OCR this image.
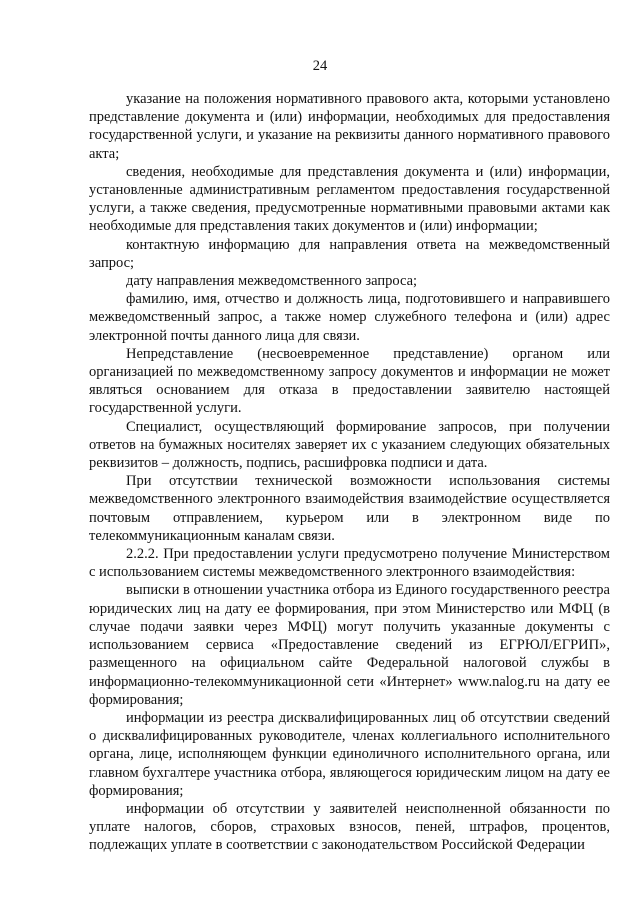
24

указание на положения нормативного правового акта, которыми установлено представление документа и (или) информации, необходимых для предоставления государственной услуги, и указание на реквизиты данного нормативного правового акта;

сведения, необходимые для представления документа и (или) информации, установленные административным регламентом предоставления государственной услуги, а также сведения, предусмотренные нормативными правовыми актами как необходимые для представления таких документов и (или) информации;

контактную информацию для направления ответа на межведомственный запрос;

дату направления межведомственного запроса;

фамилию, имя, отчество и должность лица, подготовившего и направившего межведомственный запрос, а также номер служебного телефона и (или) адрес электронной почты данного лица для связи.

Непредставление (несвоевременное представление) органом или организацией по межведомственному запросу документов и информации не может являться основанием для отказа в предоставлении заявителю настоящей государственной услуги.

Специалист, осуществляющий формирование запросов, при получении ответов на бумажных носителях заверяет их с указанием следующих обязательных реквизитов – должность, подпись, расшифровка подписи и дата.

При отсутствии технической возможности использования системы межведомственного электронного взаимодействия взаимодействие осуществляется почтовым отправлением, курьером или в электронном виде по телекоммуникационным каналам связи.

2.2.2. При предоставлении услуги предусмотрено получение Министерством с использованием системы межведомственного электронного взаимодействия:

выписки в отношении участника отбора из Единого государственного реестра юридических лиц на дату ее формирования, при этом Министерство или МФЦ (в случае подачи заявки через МФЦ) могут получить указанные документы с использованием сервиса «Предоставление сведений из ЕГРЮЛ/ЕГРИП», размещенного на официальном сайте Федеральной налоговой службы в информационно-телекоммуникационной сети «Интернет» www.nalog.ru на дату ее формирования;

информации из реестра дисквалифицированных лиц об отсутствии сведений о дисквалифицированных руководителе, членах коллегиального исполнительного органа, лице, исполняющем функции единоличного исполнительного органа, или главном бухгалтере участника отбора, являющегося юридическим лицом на дату ее формирования;

информации об отсутствии у заявителей неисполненной обязанности по уплате налогов, сборов, страховых взносов, пеней, штрафов, процентов, подлежащих уплате в соответствии с законодательством Российской Федерации
